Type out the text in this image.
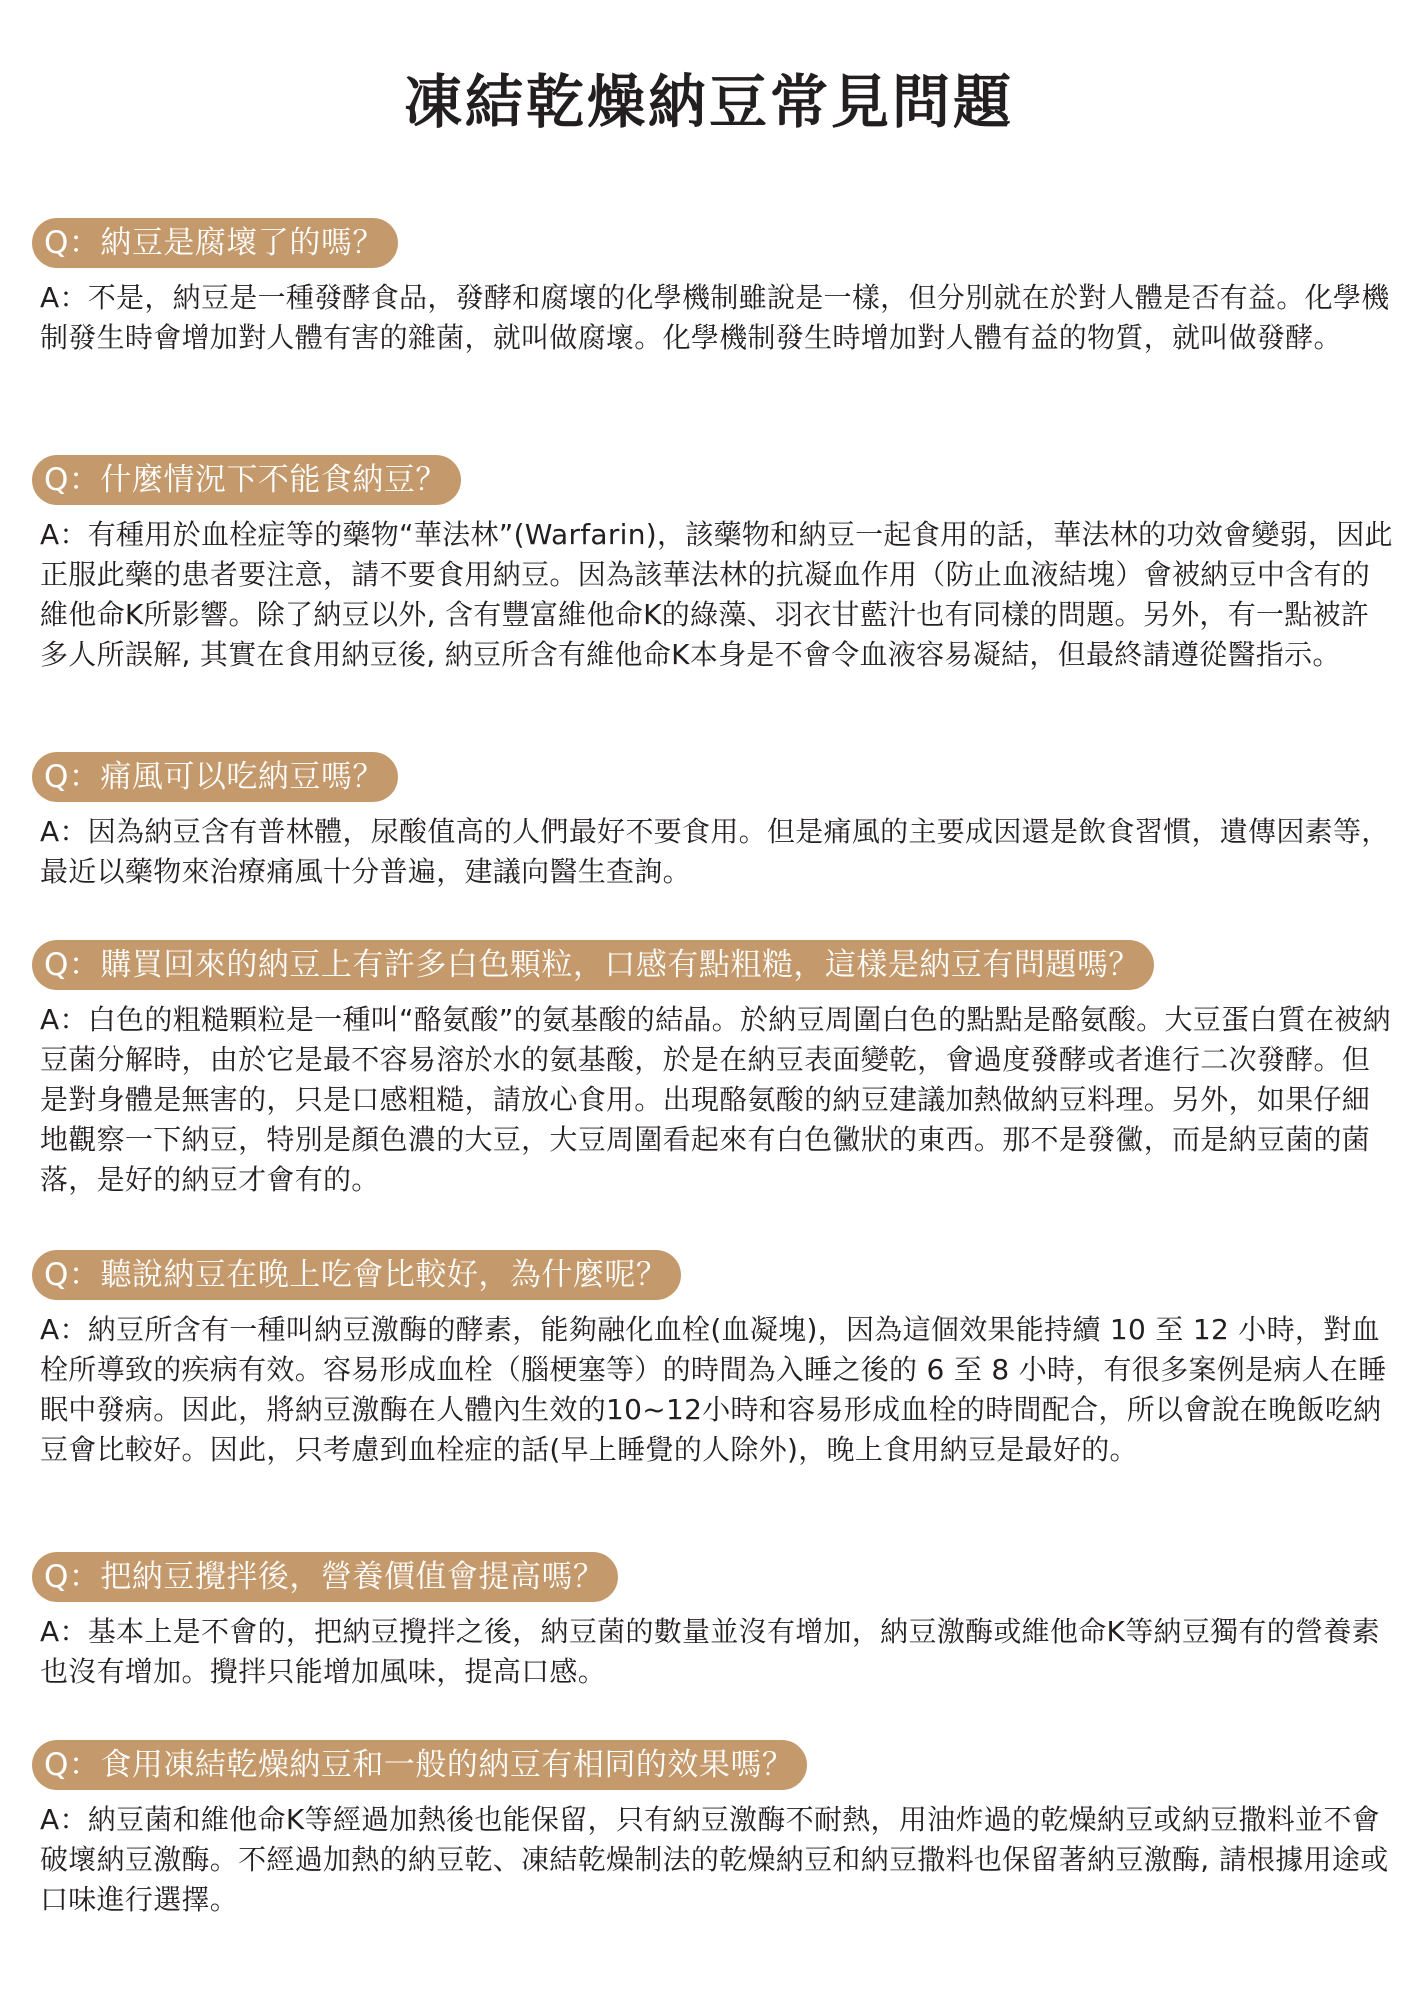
凍結乾燥納豆常見問題
Q：納豆是腐壞了的嗎？
A：不是，納豆是一種發酵食品，發酵和腐壞的化學機制雖說是一樣，但分別就在於對人體是否有益。化學機制發生時會增加對人體有害的雜菌，就叫做腐壞。化學機制發生時增加對人體有益的物質，就叫做發酵。
Q：什麼情況下不能食納豆？
A：有種用於血栓症等的藥物“華法林”(Warfarin)，該藥物和納豆一起食用的話，華法林的功效會變弱，因此正服此藥的患者要注意，請不要食用納豆。因為該華法林的抗凝血作用（防止血液結塊）會被納豆中含有的維他命K所影響。除了納豆以外, 含有豐富維他命K的綠藻、羽衣甘藍汁也有同樣的問題。另外，有一點被許多人所誤解, 其實在食用納豆後, 納豆所含有維他命K本身是不會令血液容易凝結，但最終請遵從醫指示。
Q：痛風可以吃納豆嗎？
A：因為納豆含有普林體，尿酸值高的人們最好不要食用。但是痛風的主要成因還是飲食習慣，遺傳因素等，最近以藥物來治療痛風十分普遍，建議向醫生查詢。
Q：購買回來的納豆上有許多白色顆粒，口感有點粗糙，這樣是納豆有問題嗎？
A：白色的粗糙顆粒是一種叫“酪氨酸”的氨基酸的結晶。於納豆周圍白色的點點是酪氨酸。大豆蛋白質在被納豆菌分解時，由於它是最不容易溶於水的氨基酸，於是在納豆表面變乾，會過度發酵或者進行二次發酵。但是對身體是無害的，只是口感粗糙，請放心食用。出現酪氨酸的納豆建議加熱做納豆料理。另外，如果仔細地觀察一下納豆，特別是顏色濃的大豆，大豆周圍看起來有白色黴狀的東西。那不是發黴，而是納豆菌的菌落，是好的納豆才會有的。
Q：聽說納豆在晚上吃會比較好，為什麼呢？
A：納豆所含有一種叫納豆激酶的酵素，能夠融化血栓(血凝塊)，因為這個效果能持續 10 至 12 小時，對血栓所導致的疾病有效。容易形成血栓（腦梗塞等）的時間為入睡之後的 6 至 8 小時，有很多案例是病人在睡眠中發病。因此，將納豆激酶在人體內生效的10~12小時和容易形成血栓的時間配合，所以會說在晚飯吃納豆會比較好。因此，只考慮到血栓症的話(早上睡覺的人除外)，晚上食用納豆是最好的。
Q：把納豆攪拌後，營養價值會提高嗎？
A：基本上是不會的，把納豆攪拌之後，納豆菌的數量並沒有增加，納豆激酶或維他命K等納豆獨有的營養素也沒有增加。攪拌只能增加風味，提高口感。
Q：食用凍結乾燥納豆和一般的納豆有相同的效果嗎？
A：納豆菌和維他命K等經過加熱後也能保留，只有納豆激酶不耐熱，用油炸過的乾燥納豆或納豆撒料並不會破壞納豆激酶。不經過加熱的納豆乾、凍結乾燥制法的乾燥納豆和納豆撒料也保留著納豆激酶, 請根據用途或口味進行選擇。
